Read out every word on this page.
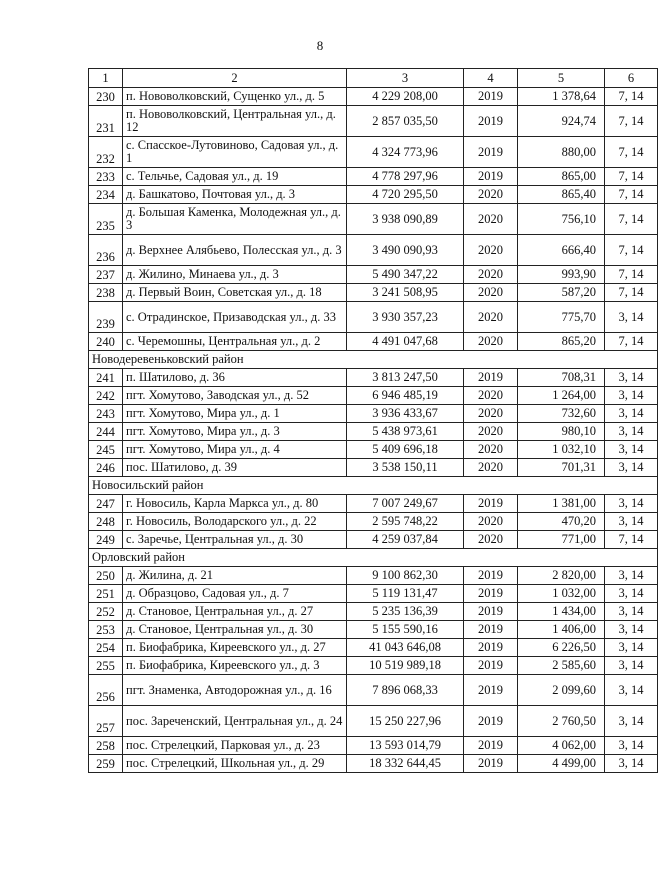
8
1	2	3	4	5	6
230	п. Нововолковский, Сущенко ул., д. 5	4 229 208,00	2019	1 378,64	7, 14
231	п. Нововолковский, Центральная ул., д. 12	2 857 035,50	2019	924,74	7, 14
232	с. Спасское-Лутовиново, Садовая ул., д. 1	4 324 773,96	2019	880,00	7, 14
233	с. Тельчье, Садовая ул., д. 19	4 778 297,96	2019	865,00	7, 14
234	д. Башкатово, Почтовая ул., д. 3	4 720 295,50	2020	865,40	7, 14
235	д. Большая Каменка, Молодежная ул., д. 3	3 938 090,89	2020	756,10	7, 14
236	д. Верхнее Алябьево, Полесская ул., д. 3	3 490 090,93	2020	666,40	7, 14
237	д. Жилино, Минаева ул., д. 3	5 490 347,22	2020	993,90	7, 14
238	д. Первый Воин, Советская ул., д. 18	3 241 508,95	2020	587,20	7, 14
239	с. Отрадинское, Призаводская ул., д. 33	3 930 357,23	2020	775,70	3, 14
240	с. Черемошны, Центральная ул., д. 2	4 491 047,68	2020	865,20	7, 14
Новодеревеньковский район					
241	п. Шатилово, д. 36	3 813 247,50	2019	708,31	3, 14
242	пгт. Хомутово, Заводская ул., д. 52	6 946 485,19	2020	1 264,00	3, 14
243	пгт. Хомутово, Мира ул., д. 1	3 936 433,67	2020	732,60	3, 14
244	пгт. Хомутово, Мира ул., д. 3	5 438 973,61	2020	980,10	3, 14
245	пгт. Хомутово, Мира ул., д. 4	5 409 696,18	2020	1 032,10	3, 14
246	пос. Шатилово, д. 39	3 538 150,11	2020	701,31	3, 14
Новосильский район					
247	г. Новосиль, Карла Маркса ул., д. 80	7 007 249,67	2019	1 381,00	3, 14
248	г. Новосиль, Володарского ул., д. 22	2 595 748,22	2020	470,20	3, 14
249	с. Заречье, Центральная ул., д. 30	4 259 037,84	2020	771,00	7, 14
Орловский район					
250	д. Жилина, д. 21	9 100 862,30	2019	2 820,00	3, 14
251	д. Образцово, Садовая ул., д. 7	5 119 131,47	2019	1 032,00	3, 14
252	д. Становое, Центральная ул., д. 27	5 235 136,39	2019	1 434,00	3, 14
253	д. Становое, Центральная ул., д. 30	5 155 590,16	2019	1 406,00	3, 14
254	п. Биофабрика, Киреевского ул., д. 27	41 043 646,08	2019	6 226,50	3, 14
255	п. Биофабрика, Киреевского ул., д. 3	10 519 989,18	2019	2 585,60	3, 14
256	пгт. Знаменка, Автодорожная ул., д. 16	7 896 068,33	2019	2 099,60	3, 14
257	пос. Зареченский, Центральная ул., д. 24	15 250 227,96	2019	2 760,50	3, 14
258	пос. Стрелецкий, Парковая ул., д. 23	13 593 014,79	2019	4 062,00	3, 14
259	пос. Стрелецкий, Школьная ул., д. 29	18 332 644,45	2019	4 499,00	3, 14
